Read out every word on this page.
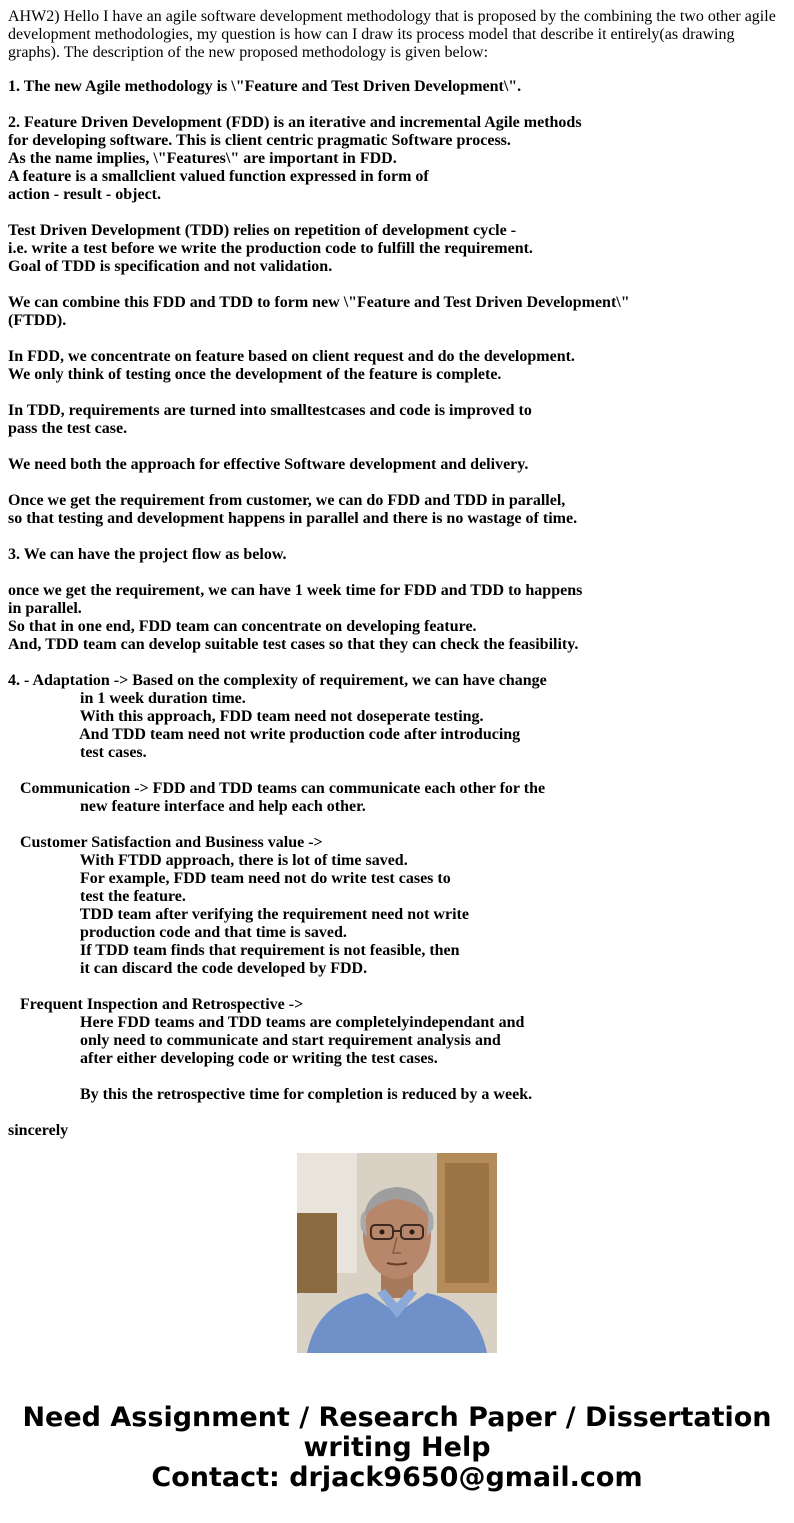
AHW2) Hello I have an agile software development methodology that is proposed by the combining the two other agile development methodologies, my question is how can I draw its process model that describe it entirely(as drawing graphs). The description of the new proposed methodology is given below:

1. The new Agile methodology is \"Feature and Test Driven Development\".

2. Feature Driven Development (FDD) is an iterative and incremental Agile methods
for developing software. This is client centric pragmatic Software process.
As the name implies, \"Features\" are important in FDD.
A feature is a smallclient valued function expressed in form of
action - result - object.

Test Driven Development (TDD) relies on repetition of development cycle -
i.e. write a test before we write the production code to fulfill the requirement.
Goal of TDD is specification and not validation.

We can combine this FDD and TDD to form new \"Feature and Test Driven Development\"
(FTDD).

In FDD, we concentrate on feature based on client request and do the development.
We only think of testing once the development of the feature is complete.

In TDD, requirements are turned into smalltestcases and code is improved to
pass the test case.

We need both the approach for effective Software development and delivery.

Once we get the requirement from customer, we can do FDD and TDD in parallel,
so that testing and development happens in parallel and there is no wastage of time.

3. We can have the project flow as below.

once we get the requirement, we can have 1 week time for FDD and TDD to happens
in parallel.
So that in one end, FDD team can concentrate on developing feature.
And, TDD team can develop suitable test cases so that they can check the feasibility.

4. - Adaptation -> Based on the complexity of requirement, we can have change
in 1 week duration time.
With this approach, FDD team need not doseperate testing.
And TDD team need not write production code after introducing
test cases.

Communication -> FDD and TDD teams can communicate each other for the
new feature interface and help each other.

Customer Satisfaction and Business value ->
With FTDD approach, there is lot of time saved.
For example, FDD team need not do write test cases to
test the feature.
TDD team after verifying the requirement need not write
production code and that time is saved.
If TDD team finds that requirement is not feasible, then
it can discard the code developed by FDD.

Frequent Inspection and Retrospective ->
Here FDD teams and TDD teams are completelyindependant and
only need to communicate and start requirement analysis and
after either developing code or writing the test cases.

By this the retrospective time for completion is reduced by a week.

sincerely
Need Assignment / Research Paper / Dissertation
writing Help
Contact: drjack9650@gmail.com
